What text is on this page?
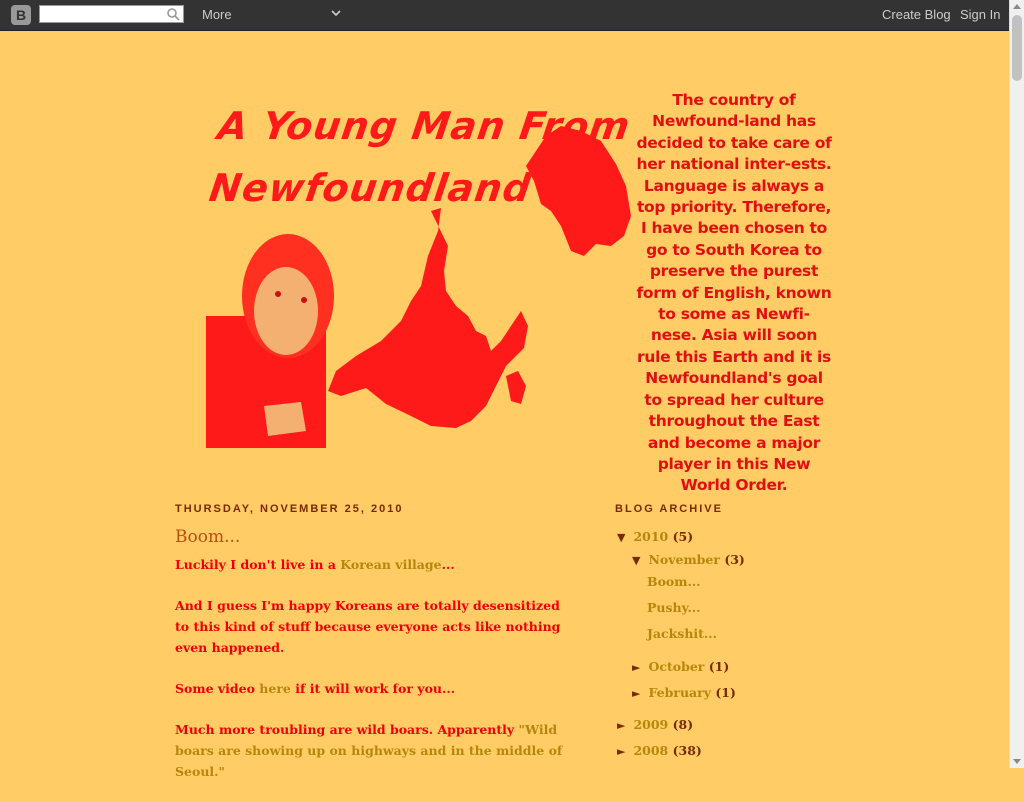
B	More	Create Blog Sign In
A Young Man From
Newfoundland
The country of Newfound-land has decided to take care of her national inter-ests. Language is always a top priority. Therefore, I have been chosen to go to South Korea to preserve the purest form of English, known to some as Newfi-nese. Asia will soon rule this Earth and it is Newfoundland's goal to spread her culture throughout the East and become a major player in this New World Order.
THURSDAY, NOVEMBER 25, 2010
Boom...

Luckily I don't live in a Korean village...

And I guess I'm happy Koreans are totally desensitized to this kind of stuff because everyone acts like nothing even happened.

Some video here if it will work for you...

Much more troubling are wild boars. Apparently "Wild boars are showing up on highways and in the middle of Seoul."

BLOG ARCHIVE
▼ 2010 (5)
▼ November (3)
Boom...
Pushy...
Jackshit...
► October (1)
► February (1)
► 2009 (8)
► 2008 (38)
